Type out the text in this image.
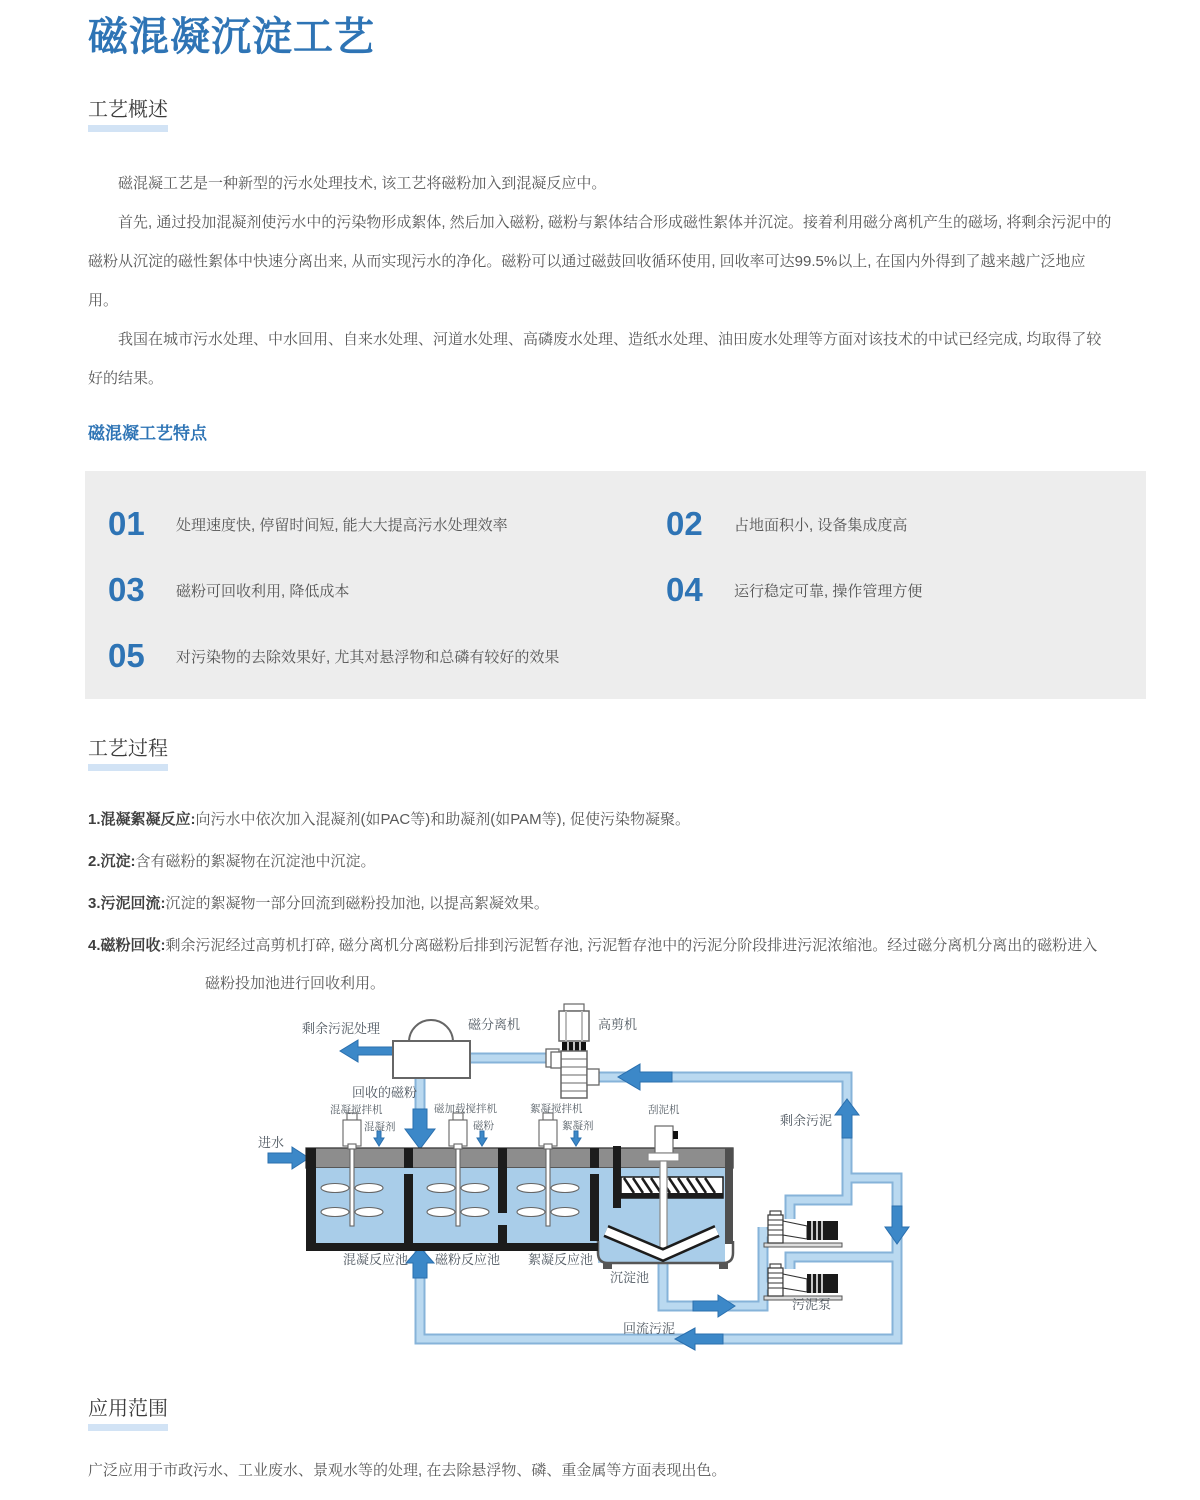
磁混凝沉淀工艺
工艺概述

磁混凝工艺是一种新型的污水处理技术, 该工艺将磁粉加入到混凝反应中。

首先, 通过投加混凝剂使污水中的污染物形成絮体, 然后加入磁粉, 磁粉与絮体结合形成磁性絮体并沉淀。接着利用磁分离机产生的磁场, 将剩余污泥中的磁粉从沉淀的磁性絮体中快速分离出来, 从而实现污水的净化。磁粉可以通过磁鼓回收循环使用, 回收率可达99.5%以上, 在国内外得到了越来越广泛地应用。

我国在城市污水处理、中水回用、自来水处理、河道水处理、高磷废水处理、造纸水处理、油田废水处理等方面对该技术的中试已经完成, 均取得了较好的结果。

磁混凝工艺特点
01	处理速度快, 停留时间短, 能大大提高污水处理效率	02	占地面积小, 设备集成度高
03	磁粉可回收利用, 降低成本	04	运行稳定可靠, 操作管理方便
05	对污染物的去除效果好, 尤其对悬浮物和总磷有较好的效果
工艺过程

1.混凝絮凝反应:向污水中依次加入混凝剂(如PAC等)和助凝剂(如PAM等), 促使污染物凝聚。

2.沉淀:含有磁粉的絮凝物在沉淀池中沉淀。

3.污泥回流:沉淀的絮凝物一部分回流到磁粉投加池, 以提高絮凝效果。

4.磁粉回收:剩余污泥经过高剪机打碎, 磁分离机分离磁粉后排到污泥暂存池, 污泥暂存池中的污泥分阶段排进污泥浓缩池。经过磁分离机分离出的磁粉进入磁粉投加池进行回收利用。

剩余污泥处理	磁分离机	高剪机
回收的磁粉
混凝搅拌机
混凝剂
磁加载搅拌机
磁粉
絮凝搅拌机
絮凝剂
刮泥机
进水
混凝反应池 磁粉反应池 絮凝反应池
沉淀池
剩余污泥
污泥泵
回流污泥
应用范围

广泛应用于市政污水、工业废水、景观水等的处理, 在去除悬浮物、磷、重金属等方面表现出色。
